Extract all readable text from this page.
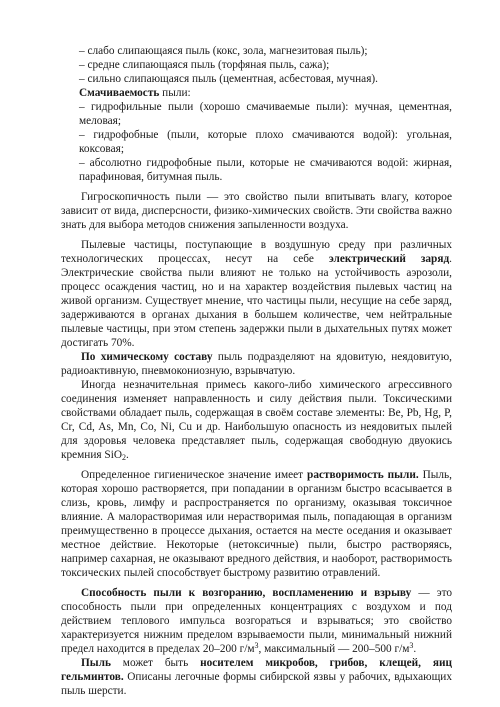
– слабо слипающаяся пыль (кокс, зола, магнезитовая пыль);

– средне слипающаяся пыль (торфяная пыль, сажа);

– сильно слипающаяся пыль (цементная, асбестовая, мучная).

Смачиваемость пыли:

– гидрофильные пыли (хорошо смачиваемые пыли): мучная, цементная, меловая;

– гидрофобные (пыли, которые плохо смачиваются водой): угольная, коксовая;

– абсолютно гидрофобные пыли, которые не смачиваются водой: жирная, парафиновая, битумная пыль.

Гигроскопичность пыли — это свойство пыли впитывать влагу, которое зависит от вида, дисперсности, физико-химических свойств. Эти свойства важно знать для выбора методов снижения запыленности воздуха.

Пылевые частицы, поступающие в воздушную среду при различных технологических процессах, несут на себе электрический заряд. Электрические свойства пыли влияют не только на устойчивость аэрозоли, процесс осаждения частиц, но и на характер воздействия пылевых частиц на живой организм. Существует мнение, что частицы пыли, несущие на себе заряд, задерживаются в органах дыхания в большем количестве, чем нейтральные пылевые частицы, при этом степень задержки пыли в дыхательных путях может достигать 70%.

По химическому составу пыль подразделяют на ядовитую, неядовитую, радиоактивную, пневмокониозную, взрывчатую.

Иногда незначительная примесь какого-либо химического агрессивного соединения изменяет направленность и силу действия пыли. Токсическими свойствами обладает пыль, содержащая в своём составе элементы: Be, Pb, Hg, P, Cr, Cd, As, Mn, Co, Ni, Cu и др. Наибольшую опасность из неядовитых пылей для здоровья человека представляет пыль, содержащая свободную двуокись кремния SiO$_2$.

Определенное гигиеническое значение имеет растворимость пыли. Пыль, которая хорошо растворяется, при попадании в организм быстро всасывается в слизь, кровь, лимфу и распространяется по организму, оказывая токсичное влияние. А малорастворимая или нерастворимая пыль, попадающая в организм преимущественно в процессе дыхания, остается на месте оседания и оказывает местное действие. Некоторые (нетоксичные) пыли, быстро растворяясь, например сахарная, не оказывают вредного действия, и наоборот, растворимость токсических пылей способствует быстрому развитию отравлений.

Способность пыли к возгоранию, воспламенению и взрыву — это способность пыли при определенных концентрациях с воздухом и под действием теплового импульса возгораться и взрываться; это свойство характеризуется нижним пределом взрываемости пыли, минимальный нижний предел находится в пределах 20–200 $г/м^3$, максимальный — 200–500 $г/м^3$.

Пыль может быть носителем микробов, грибов, клещей, яиц гельминтов. Описаны легочные формы сибирской язвы у рабочих, вдыхающих пыль шерсти.
